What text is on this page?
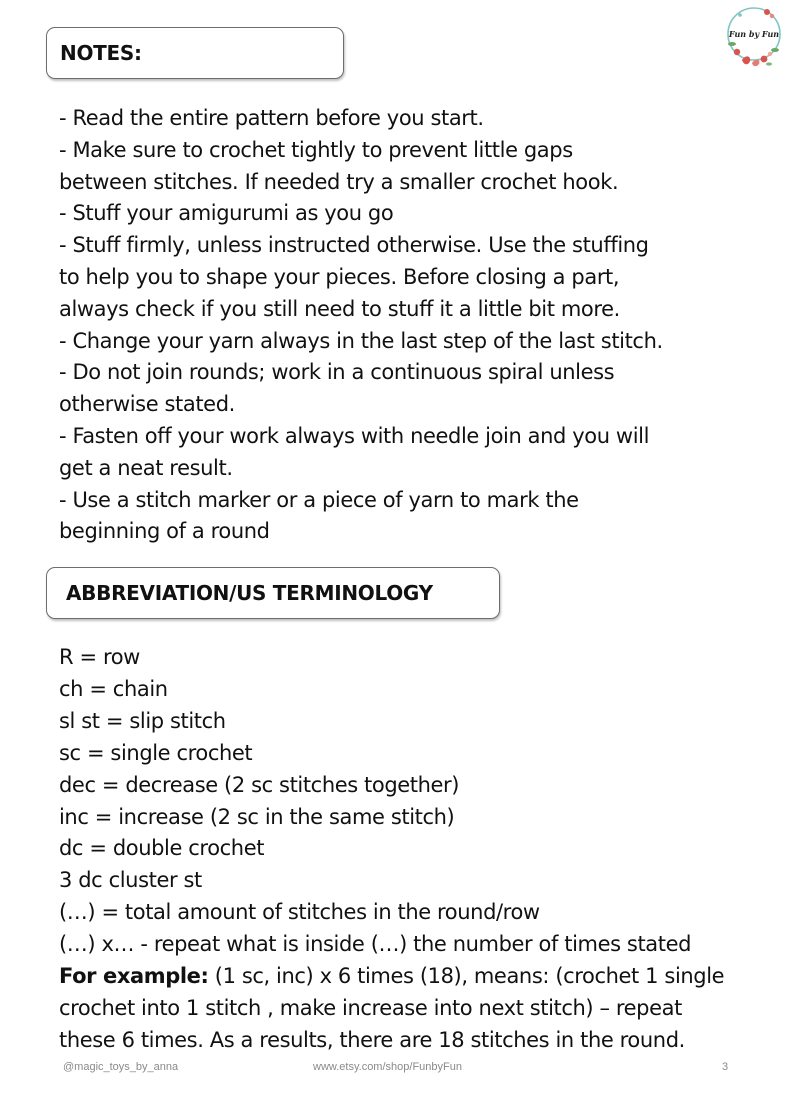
Fun by Fun
NOTES:
- Read the entire pattern before you start.
- Make sure to crochet tightly to prevent little gaps
between stitches. If needed try a smaller crochet hook.
- Stuff your amigurumi as you go
- Stuff firmly, unless instructed otherwise. Use the stuffing
to help you to shape your pieces. Before closing a part,
always check if you still need to stuff it a little bit more.
- Change your yarn always in the last step of the last stitch.
- Do not join rounds; work in a continuous spiral unless
otherwise stated.
- Fasten off your work always with needle join and you will
get a neat result.
- Use a stitch marker or a piece of yarn to mark the
beginning of a round
ABBREVIATION/US TERMINOLOGY
R = row
ch = chain
sl st = slip stitch
sc = single crochet
dec = decrease (2 sc stitches together)
inc = increase (2 sc in the same stitch)
dc = double crochet
3 dc cluster st
(…) = total amount of stitches in the round/row
(…) x… - repeat what is inside (…) the number of times stated
For example: (1 sc, inc) x 6 times (18), means: (crochet 1 single
crochet into 1 stitch , make increase into next stitch) – repeat
these 6 times. As a results, there are 18 stitches in the round.
@magic_toys_by_anna	www.etsy.com/shop/FunbyFun	3
